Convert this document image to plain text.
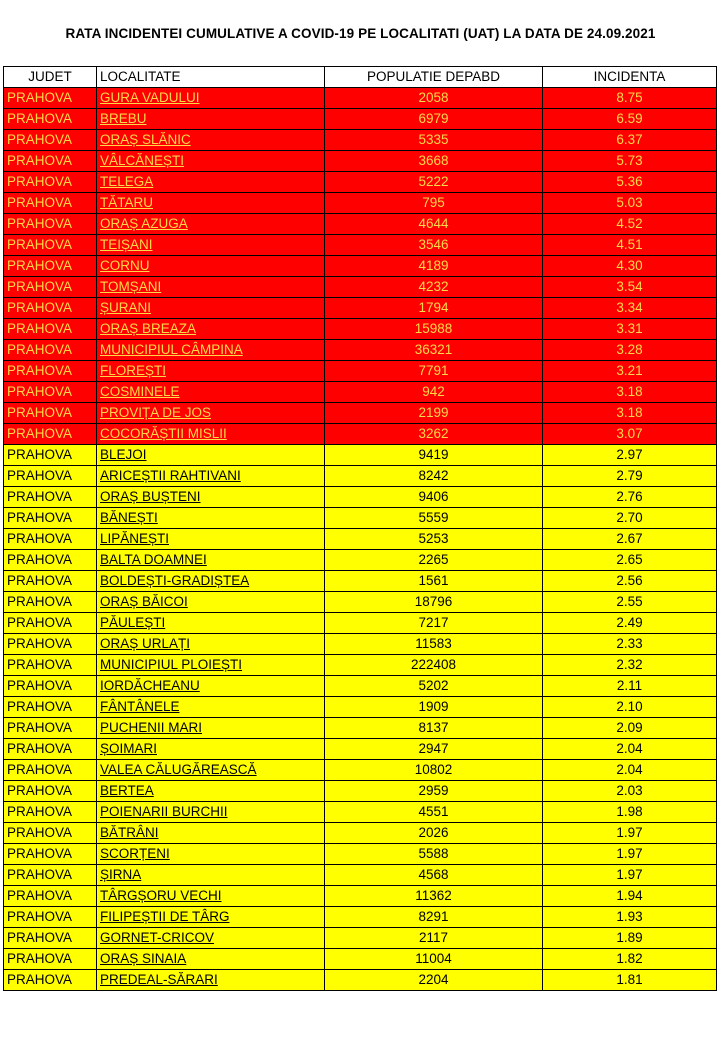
RATA INCIDENTEI CUMULATIVE A COVID-19 PE LOCALITATI (UAT) LA DATA DE 24.09.2021
JUDET	LOCALITATE	POPULATIE DEPABD	INCIDENTA
PRAHOVA	GURA VADULUI	2058	8.75
PRAHOVA	BREBU	6979	6.59
PRAHOVA	ORAȘ SLĂNIC	5335	6.37
PRAHOVA	VÂLCĂNEȘTI	3668	5.73
PRAHOVA	TELEGA	5222	5.36
PRAHOVA	TĂTARU	795	5.03
PRAHOVA	ORAȘ AZUGA	4644	4.52
PRAHOVA	TEIȘANI	3546	4.51
PRAHOVA	CORNU	4189	4.30
PRAHOVA	TOMȘANI	4232	3.54
PRAHOVA	ȘURANI	1794	3.34
PRAHOVA	ORAȘ BREAZA	15988	3.31
PRAHOVA	MUNICIPIUL CÂMPINA	36321	3.28
PRAHOVA	FLOREȘTI	7791	3.21
PRAHOVA	COSMINELE	942	3.18
PRAHOVA	PROVIȚA DE JOS	2199	3.18
PRAHOVA	COCORĂȘTII MISLII	3262	3.07
PRAHOVA	BLEJOI	9419	2.97
PRAHOVA	ARICEȘTII RAHTIVANI	8242	2.79
PRAHOVA	ORAȘ BUȘTENI	9406	2.76
PRAHOVA	BĂNEȘTI	5559	2.70
PRAHOVA	LIPĂNEȘTI	5253	2.67
PRAHOVA	BALTA DOAMNEI	2265	2.65
PRAHOVA	BOLDEȘTI-GRADIȘTEA	1561	2.56
PRAHOVA	ORAȘ BĂICOI	18796	2.55
PRAHOVA	PĂULEȘTI	7217	2.49
PRAHOVA	ORAȘ URLAȚI	11583	2.33
PRAHOVA	MUNICIPIUL PLOIEȘTI	222408	2.32
PRAHOVA	IORDĂCHEANU	5202	2.11
PRAHOVA	FÂNTÂNELE	1909	2.10
PRAHOVA	PUCHENII MARI	8137	2.09
PRAHOVA	ȘOIMARI	2947	2.04
PRAHOVA	VALEA CĂLUGĂREASCĂ	10802	2.04
PRAHOVA	BERTEA	2959	2.03
PRAHOVA	POIENARII BURCHII	4551	1.98
PRAHOVA	BĂTRÂNI	2026	1.97
PRAHOVA	SCORȚENI	5588	1.97
PRAHOVA	ȘIRNA	4568	1.97
PRAHOVA	TÂRGȘORU VECHI	11362	1.94
PRAHOVA	FILIPEȘTII DE TÂRG	8291	1.93
PRAHOVA	GORNET-CRICOV	2117	1.89
PRAHOVA	ORAȘ SINAIA	11004	1.82
PRAHOVA	PREDEAL-SĂRARI	2204	1.81
